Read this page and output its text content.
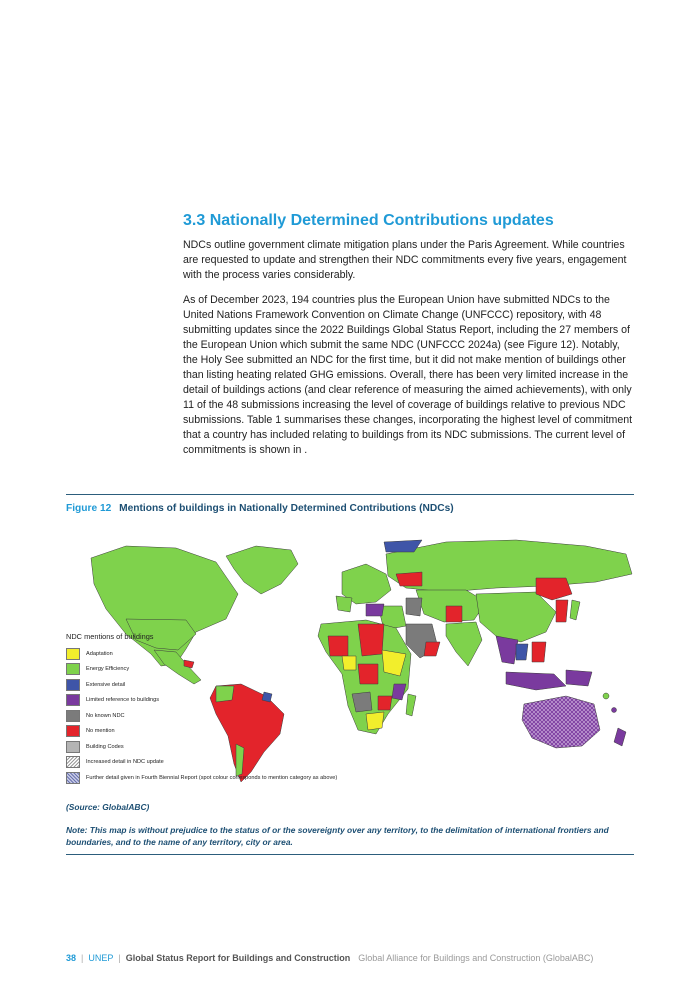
3.3 Nationally Determined Contributions updates

NDCs outline government climate mitigation plans under the Paris Agreement. While countries are requested to update and strengthen their NDC commitments every five years, engagement with the process varies considerably.

As of December 2023, 194 countries plus the European Union have submitted NDCs to the United Nations Framework Convention on Climate Change (UNFCCC) repository, with 48 submitting updates since the 2022 Buildings Global Status Report, including the 27 members of the European Union which submit the same NDC (UNFCCC 2024a) (see Figure 12). Notably, the Holy See submitted an NDC for the first time, but it did not make mention of buildings other than listing heating related GHG emissions. Overall, there has been very limited increase in the detail of buildings actions (and clear reference of measuring the aimed achievements), with only 11 of the 48 submissions increasing the level of coverage of buildings relative to previous NDC submissions. Table 1 summarises these changes, incorporating the highest level of commitment that a country has included relating to buildings from its NDC submissions. The current level of commitments is shown in .

Figure 12 Mentions of buildings in Nationally Determined Contributions (NDCs)
NDC mentions of buildings
Adaptation
Energy Efficiency
Extensive detail
Limited reference to buildings
No known NDC
No mention
Building Codes
Increased detail in NDC update
Further detail given in Fourth Biennial Report (spot colour corresponds to mention category as above)
(Source: GlobalABC)

Note: This map is without prejudice to the status of or the sovereignty over any territory, to the delimitation of international frontiers and boundaries, and to the name of any territory, city or area.

38 | UNEP | Global Status Report for Buildings and Construction Global Alliance for Buildings and Construction (GlobalABC)
